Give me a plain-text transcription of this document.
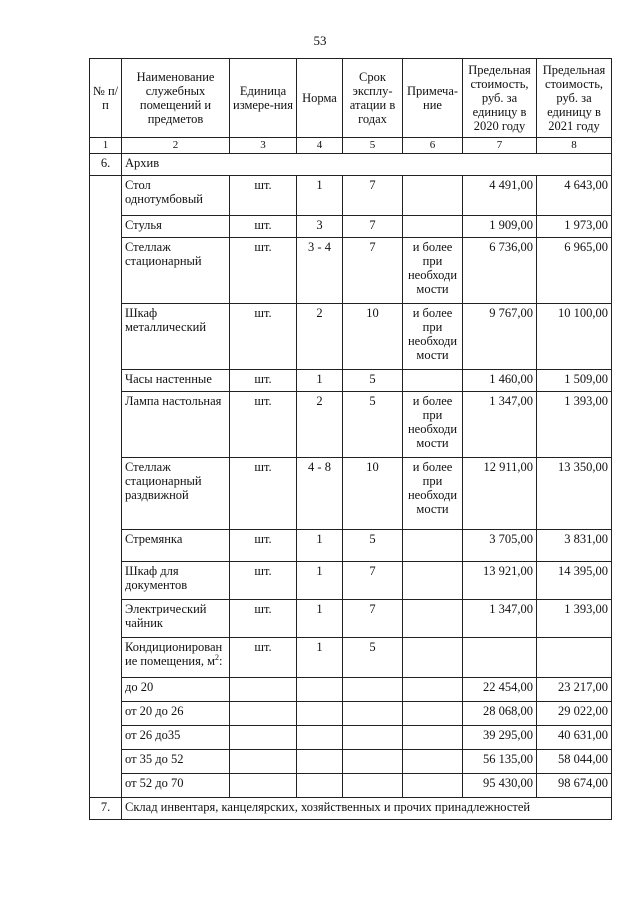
53
№ п/п	Наименование служебных помещений и предметов	Единица измере-ния	Норма	Срок эксплу-атации в годах	Примеча-ние	Предельная стоимость, руб. за единицу в 2020 году	Предельная стоимость, руб. за единицу в 2021 году
1	2	3	4	5	6	7	8
6.	Архив						
	Стол однотумбовый	шт.	1	7		4 491,00	4 643,00
	Стулья	шт.	3	7		1 909,00	1 973,00
	Стеллаж стационарный	шт.	3 - 4	7	и более при необходи мости	6 736,00	6 965,00
	Шкаф металлический	шт.	2	10	и более при необходи мости	9 767,00	10 100,00
	Часы настенные	шт.	1	5		1 460,00	1 509,00
	Лампа настольная	шт.	2	5	и более при необходи мости	1 347,00	1 393,00
	Стеллаж стационарный раздвижной	шт.	4 - 8	10	и более при необходи мости	12 911,00	13 350,00
	Стремянка	шт.	1	5		3 705,00	3 831,00
	Шкаф для документов	шт.	1	7		13 921,00	14 395,00
	Электрический чайник	шт.	1	7		1 347,00	1 393,00
	Кондиционирован ие помещения, $м^2$:	шт.	1	5			
	до 20					22 454,00	23 217,00
	от 20 до 26					28 068,00	29 022,00
	от 26 до35					39 295,00	40 631,00
	от 35 до 52					56 135,00	58 044,00
	от 52 до 70					95 430,00	98 674,00
7.	Склад инвентаря, канцелярских, хозяйственных и прочих принадлежностей						
